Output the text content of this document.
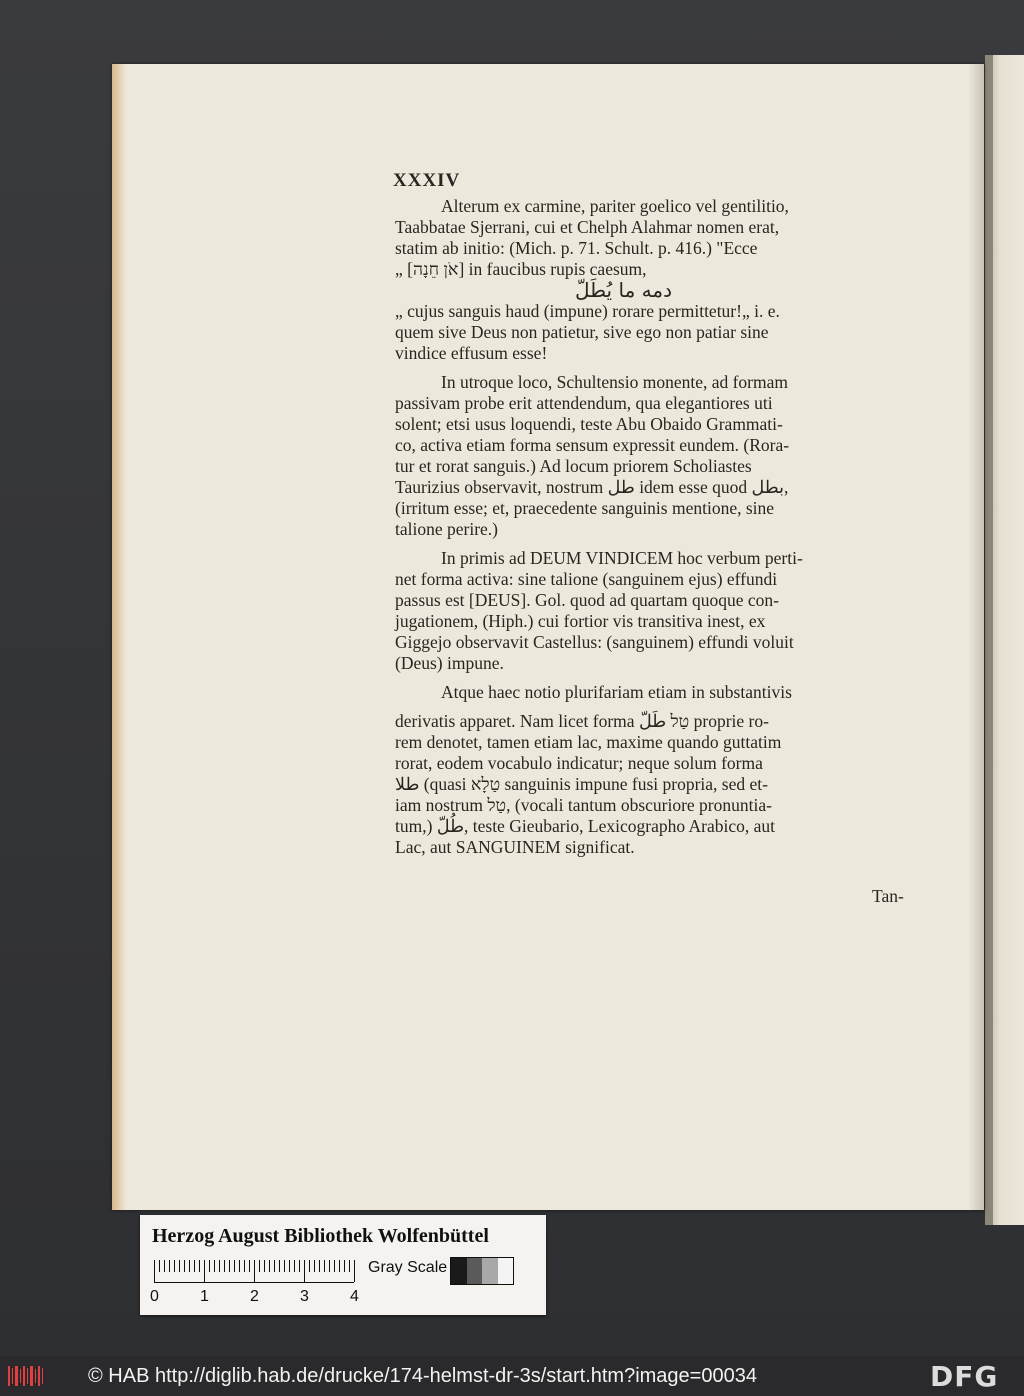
XXXIV
Alterum ex carmine, pariter goelico vel gentilitio,
Taabbatae Sjerrani, cui et Chelph Alahmar nomen erat,
statim ab initio: (Mich. p. 71. Schult. p. 416.) "Ecce
„ [אֹן חֵנָה] in faucibus rupis caesum,
دمه ما يُطَلّ
„ cujus sanguis haud (impune) rorare permittetur!„ i. e.
quem sive Deus non patietur, sive ego non patiar sine
vindice effusum esse!
In utroque loco, Schultensio monente, ad formam
passivam probe erit attendendum, qua elegantiores uti
solent; etsi usus loquendi, teste Abu Obaido Grammati-
co, activa etiam forma sensum expressit eundem. (Rora-
tur et rorat sanguis.) Ad locum priorem Scholiastes
Taurizius observavit, nostrum طل idem esse quod بطل,
(irritum esse; et, praecedente sanguinis mentione, sine
talione perire.)
In primis ad DEUM VINDICEM hoc verbum perti-
net forma activa: sine talione (sanguinem ejus) effundi
passus est [DEUS]. Gol. quod ad quartam quoque con-
jugationem, (Hiph.) cui fortior vis transitiva inest, ex
Giggejo observavit Castellus: (sanguinem) effundi voluit
(Deus) impune.
Atque haec notio plurifariam etiam in substantivis
derivatis apparet. Nam licet forma טַל طَلّ proprie ro-
rem denotet, tamen etiam lac, maxime quando guttatim
rorat, eodem vocabulo indicatur; neque solum forma
طلا (quasi טַלָא sanguinis impune fusi propria, sed et-
iam nostrum טַל, (vocali tantum obscuriore pronuntia-
tum,) طُلّ, teste Gieubario, Lexicographo Arabico, aut
Lac, aut SANGUINEM significat.
Tan-
Herzog August Bibliothek Wolfenbüttel
0	1	2	3	4
Gray Scale
© HAB http://diglib.hab.de/drucke/174-helmst-dr-3s/start.htm?image=00034	DFG
